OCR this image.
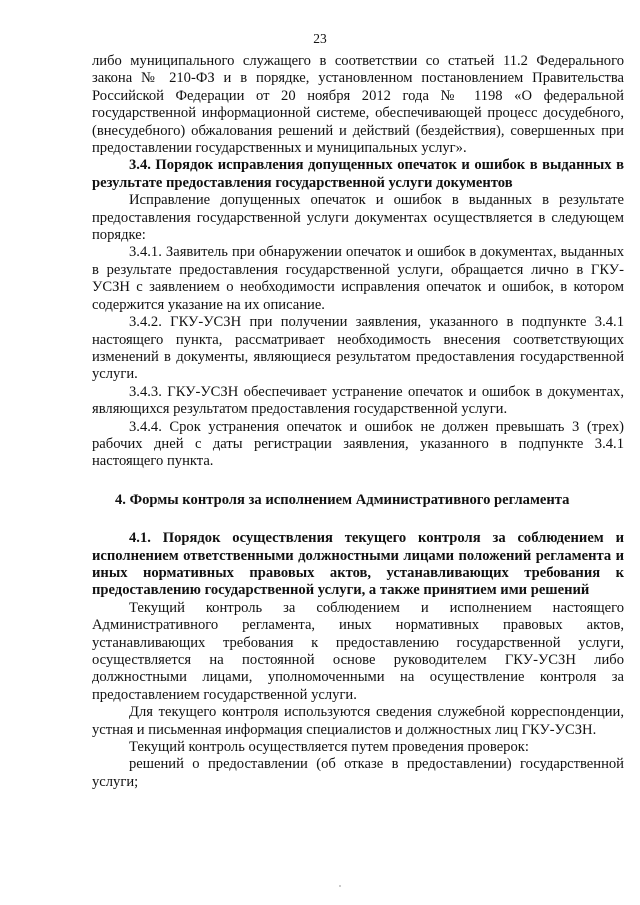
23

либо муниципального служащего в соответствии со статьей 11.2 Федерального закона № 210-ФЗ и в порядке, установленном постановлением Правительства Российской Федерации от 20 ноября 2012 года № 1198 «О федеральной государственной информационной системе, обеспечивающей процесс досудебного, (внесудебного) обжалования решений и действий (бездействия), совершенных при предоставлении государственных и муниципальных услуг».

3.4. Порядок исправления допущенных опечаток и ошибок в выданных в результате предоставления государственной услуги документов

Исправление допущенных опечаток и ошибок в выданных в результате предоставления государственной услуги документах осуществляется в следующем порядке:

3.4.1. Заявитель при обнаружении опечаток и ошибок в документах, выданных в результате предоставления государственной услуги, обращается лично в ГКУ-УСЗН с заявлением о необходимости исправления опечаток и ошибок, в котором содержится указание на их описание.

3.4.2. ГКУ-УСЗН при получении заявления, указанного в подпункте 3.4.1 настоящего пункта, рассматривает необходимость внесения соответствующих изменений в документы, являющиеся результатом предоставления государственной услуги.

3.4.3. ГКУ-УСЗН обеспечивает устранение опечаток и ошибок в документах, являющихся результатом предоставления государственной услуги.

3.4.4. Срок устранения опечаток и ошибок не должен превышать 3 (трех) рабочих дней с даты регистрации заявления, указанного в подпункте 3.4.1 настоящего пункта.

4. Формы контроля за исполнением Административного регламента

4.1. Порядок осуществления текущего контроля за соблюдением и исполнением ответственными должностными лицами положений регламента и иных нормативных правовых актов, устанавливающих требования к предоставлению государственной услуги, а также принятием ими решений

Текущий контроль за соблюдением и исполнением настоящего Административного регламента, иных нормативных правовых актов, устанавливающих требования к предоставлению государственной услуги, осуществляется на постоянной основе руководителем ГКУ-УСЗН либо должностными лицами, уполномоченными на осуществление контроля за предоставлением государственной услуги.

Для текущего контроля используются сведения служебной корреспонденции, устная и письменная информация специалистов и должностных лиц ГКУ-УСЗН.

Текущий контроль осуществляется путем проведения проверок:

решений о предоставлении (об отказе в предоставлении) государственной услуги;
